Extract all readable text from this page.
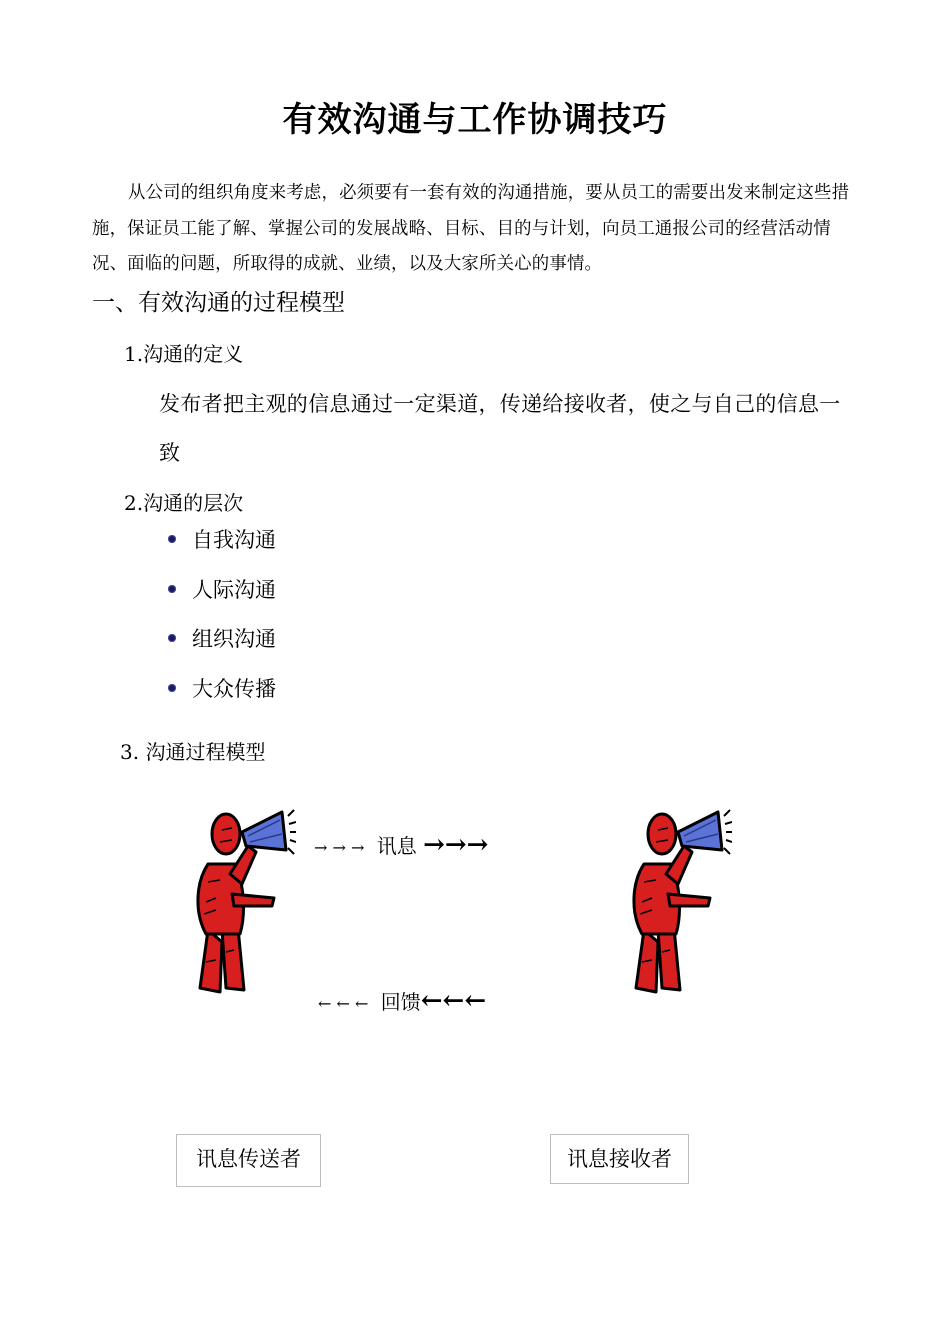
有效沟通与工作协调技巧
从公司的组织角度来考虑，必须要有一套有效的沟通措施，要从员工的需要出发来制定这些措施，保证员工能了解、掌握公司的发展战略、目标、目的与计划，向员工通报公司的经营活动情况、面临的问题，所取得的成就、业绩，以及大家所关心的事情。
一、有效沟通的过程模型
1.沟通的定义
发布者把主观的信息通过一定渠道，传递给接收者，使之与自己的信息一致
2.沟通的层次
自我沟通
人际沟通
组织沟通
大众传播
3. 沟通过程模型
→ → → 讯息 →→→
← ← ← 回馈←←←
讯息传送者	讯息接收者
